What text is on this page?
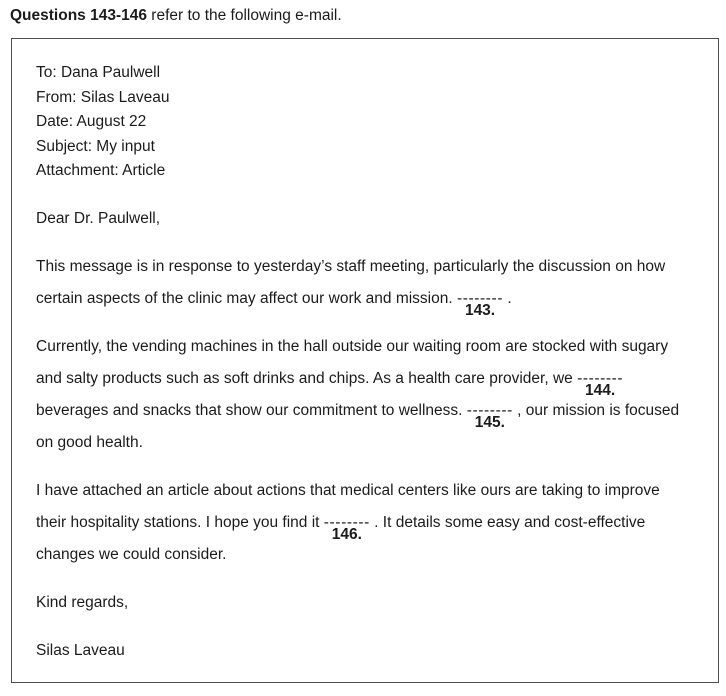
Questions 143-146 refer to the following e-mail.

To: Dana Paulwell
From: Silas Laveau
Date: August 22
Subject: My input
Attachment: Article
Dear Dr. Paulwell,
This message is in response to yesterday’s staff meeting, particularly the discussion on how
certain aspects of the clinic may affect our work and mission. --------
143.
.
Currently, the vending machines in the hall outside our waiting room are stocked with sugary
and salty products such as soft drinks and chips. As a health care provider, we --------
144.
beverages and snacks that show our commitment to wellness. --------
145.
, our mission is focused
on good health.
I have attached an article about actions that medical centers like ours are taking to improve
their hospitality stations. I hope you find it --------
146.
. It details some easy and cost-effective
changes we could consider.
Kind regards,
Silas Laveau
